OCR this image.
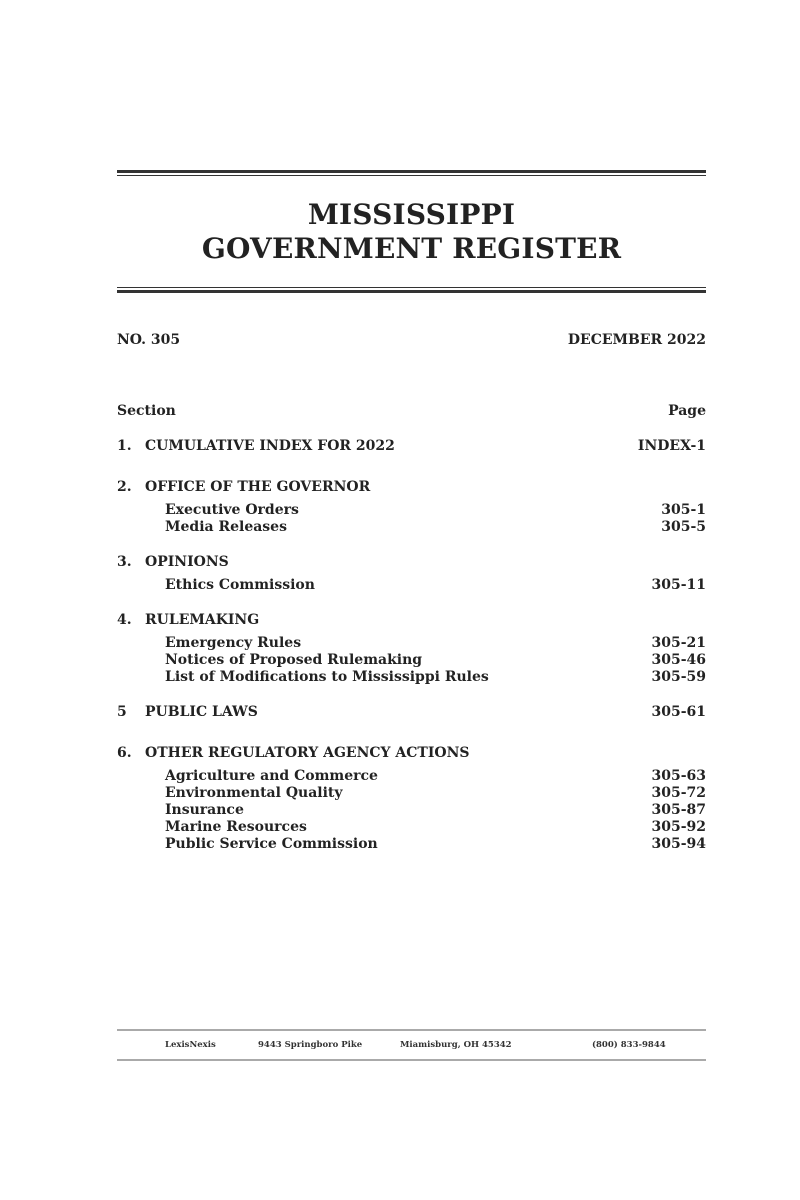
MISSISSIPPI
GOVERNMENT REGISTER
NO. 305	DECEMBER 2022
Section	Page
1. CUMULATIVE INDEX FOR 2022	INDEX-1
2. OFFICE OF THE GOVERNOR
Executive Orders	305-1
Media Releases	305-5
3. OPINIONS
Ethics Commission	305-11
4. RULEMAKING
Emergency Rules	305-21
Notices of Proposed Rulemaking	305-46
List of Modifications to Mississippi Rules	305-59
5 PUBLIC LAWS	305-61
6. OTHER REGULATORY AGENCY ACTIONS
Agriculture and Commerce	305-63
Environmental Quality	305-72
Insurance	305-87
Marine Resources	305-92
Public Service Commission	305-94
LexisNexis	9443 Springboro Pike	Miamisburg, OH 45342	(800) 833-9844
